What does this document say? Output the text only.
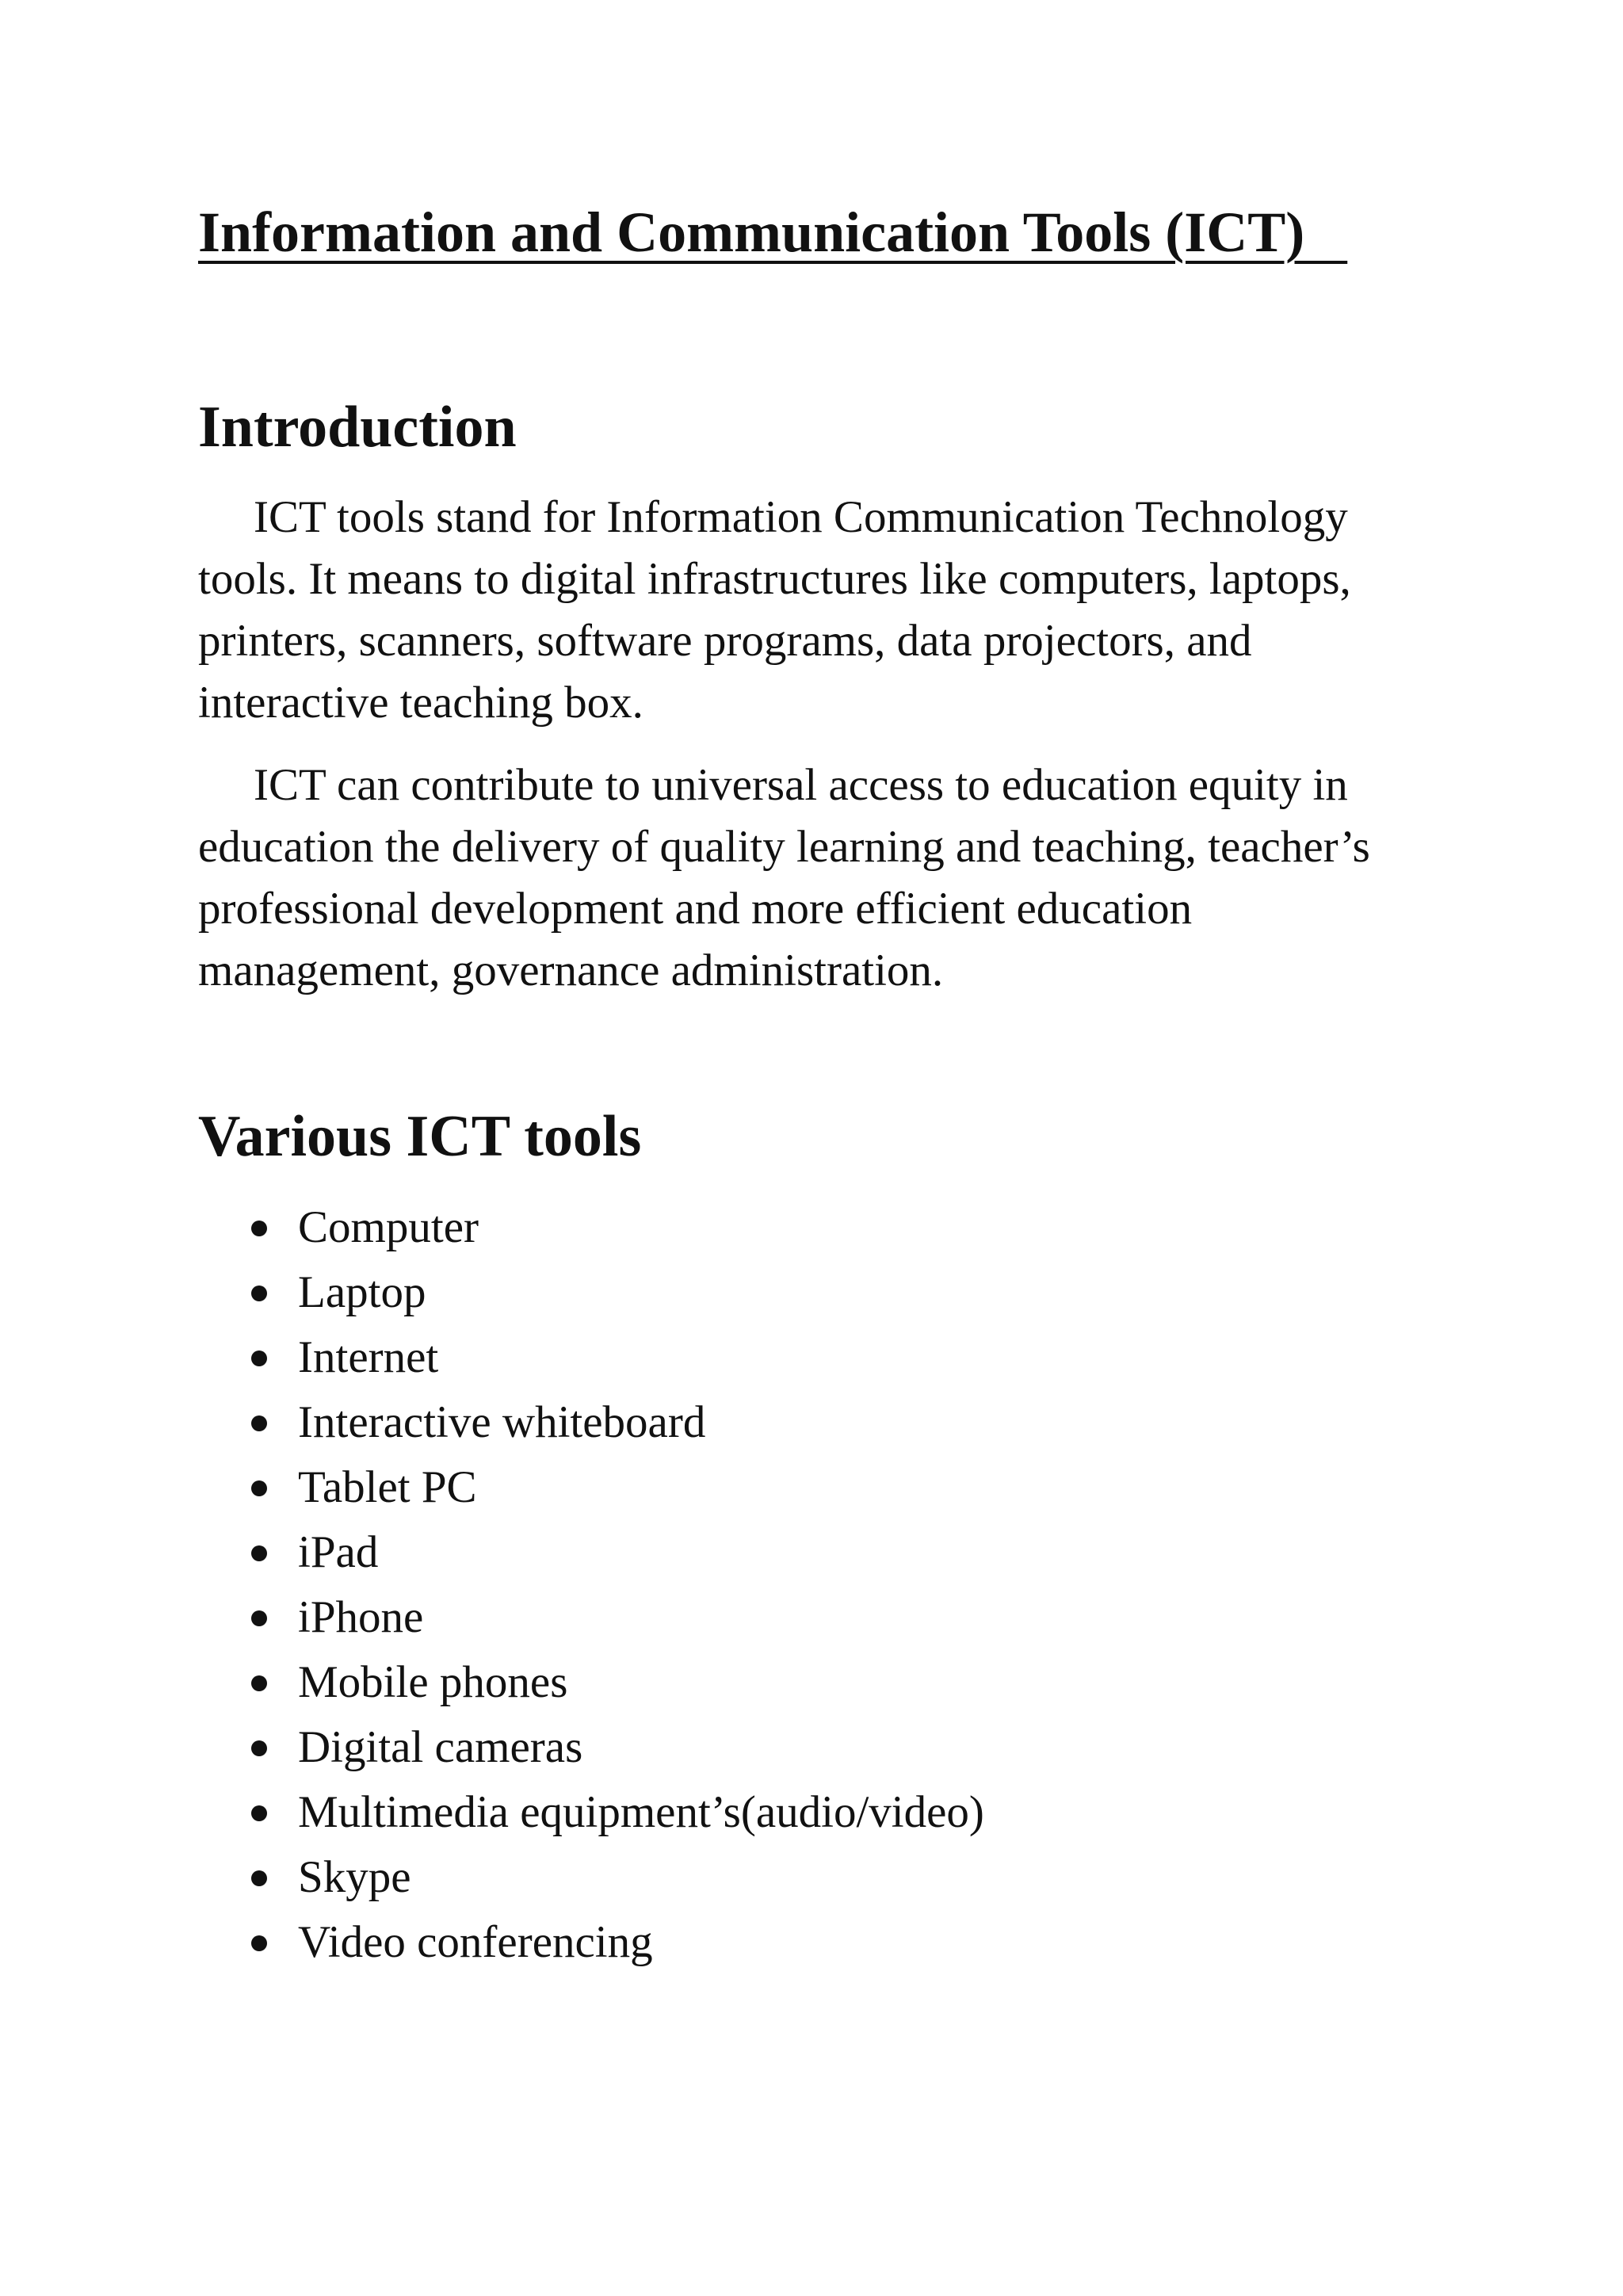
Information and Communication Tools (ICT)
Introduction

ICT tools stand for Information Communication Technology tools. It means to digital infrastructures like computers, laptops, printers, scanners, software programs, data projectors, and interactive teaching box.

ICT can contribute to universal access to education equity in education the delivery of quality learning and teaching, teacher’s professional development and more efficient education management, governance administration.

Various ICT tools
Computer
Laptop
Internet
Interactive whiteboard
Tablet PC
iPad
iPhone
Mobile phones
Digital cameras
Multimedia equipment’s(audio/video)
Skype
Video conferencing
